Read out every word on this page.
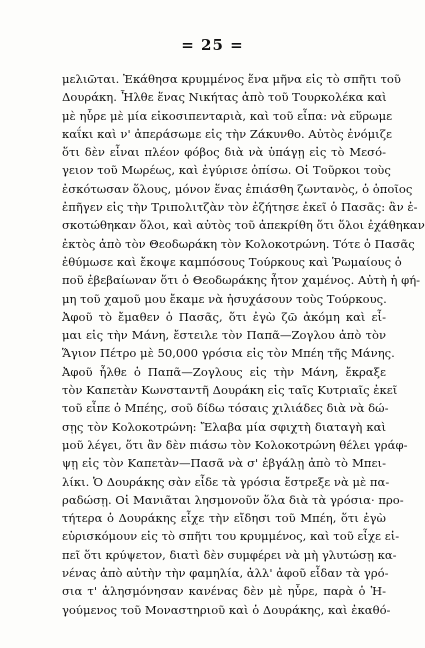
= 25 =
μελιῶται. Ἐκάθησα κρυμμένος ἕνα μῆνα εἰς τὸ σπῆτι τοῦ
Δουράκη. Ἦλθε ἕνας Νικήτας ἀπὸ τοῦ Τουρκολέκα καὶ
μὲ ηὗρε μὲ μία εἰκοσιπενταριὰ, καὶ τοῦ εἶπα: νὰ εὕρωμε
καΐκι καὶ ν' ἀπεράσωμε εἰς τὴν Ζάκυνθο. Αὐτὸς ἐνόμιζε
ὅτι δὲν εἶναι πλέον φόβος διὰ νὰ ὑπάγῃ εἰς τὸ Μεσό-
γειον τοῦ Μωρέως, καὶ ἐγύρισε ὀπίσω. Οἱ Τοῦρκοι τοὺς
ἐσκότωσαν ὅλους, μόνον ἕνας ἐπιάσθη ζωντανὸς, ὁ ὁποῖος
ἐπῆγεν εἰς τὴν Τριπολιτζὰν τὸν ἐζήτησε ἐκεῖ ὁ Πασᾶς: ἂν ἐ-
σκοτώθηκαν ὅλοι, καὶ αὐτὸς τοῦ ἀπεκρίθη ὅτι ὅλοι ἐχάθηκαν
ἐκτὸς ἀπὸ τὸν Θεοδωράκη τὸν Κολοκοτρώνη. Τότε ὁ Πασᾶς
ἐθύμωσε καὶ ἔκοψε καμπόσους Τούρκους καὶ Ῥωμαίους ὁ
ποῦ ἐβεβαίωναν ὅτι ὁ Θεοδωράκης ἦτον χαμένος. Αὐτὴ ἡ φή-
μη τοῦ χαμοῦ μου ἔκαμε νὰ ἡσυχάσουν τοὺς Τούρκους.
Ἀφοῦ τὸ ἔμαθεν ὁ Πασᾶς, ὅτι ἐγὼ ζῶ ἀκόμη καὶ εἶ-
μαι εἰς τὴν Μάνη, ἔστειλε τὸν Παπᾶ—Ζογλου ἀπὸ τὸν
Ἅγιον Πέτρο μὲ 50,000 γρόσια εἰς τὸν Μπέη τῆς Μάνης.
Ἀφοῦ ἦλθε ὁ Παπᾶ—Ζογλους εἰς τὴν Μάνη, ἔκραξε
τὸν Καπετὰν Κωνσταντῆ Δουράκη εἰς ταῖς Κυτριαῖς ἐκεῖ
τοῦ εἶπε ὁ Μπέης, σοῦ δίδω τόσαις χιλιάδες διὰ νὰ δώ-
σῃς τὸν Κολοκοτρώνη: Ἔλαβα μία σφιχτὴ διαταγὴ καὶ
μοῦ λέγει, ὅτι ἂν δὲν πιάσω τὸν Κολοκοτρώνη θέλει γράφ-
ψῃ εἰς τὸν Καπετὰν—Πασᾶ νὰ σ' ἐβγάλῃ ἀπὸ τὸ Μπει-
λίκι. Ὁ Δουράκης σὰν εἶδε τὰ γρόσια ἔστρεξε νὰ μὲ πα-
ραδώσῃ. Οἱ Μανιᾶται λησμονοῦν ὅλα διὰ τὰ γρόσια· προ-
τήτερα ὁ Δουράκης εἶχε τὴν εἴδησι τοῦ Μπέη, ὅτι ἐγὼ
εὑρισκόμουν εἰς τὸ σπῆτι του κρυμμένος, καὶ τοῦ εἶχε εἰ-
πεῖ ὅτι κρύψετον, διατὶ δὲν συμφέρει νὰ μὴ γλυτώσῃ κα-
νένας ἀπὸ αὐτὴν τὴν φαμηλία, ἀλλ' ἀφοῦ εἶδαν τὰ γρό-
σια τ' ἀλησμόνησαν κανένας δὲν μὲ ηὗρε, παρὰ ὁ Ἡ-
γούμενος τοῦ Μοναστηριοῦ καὶ ὁ Δουράκης, καὶ ἐκαθό-
